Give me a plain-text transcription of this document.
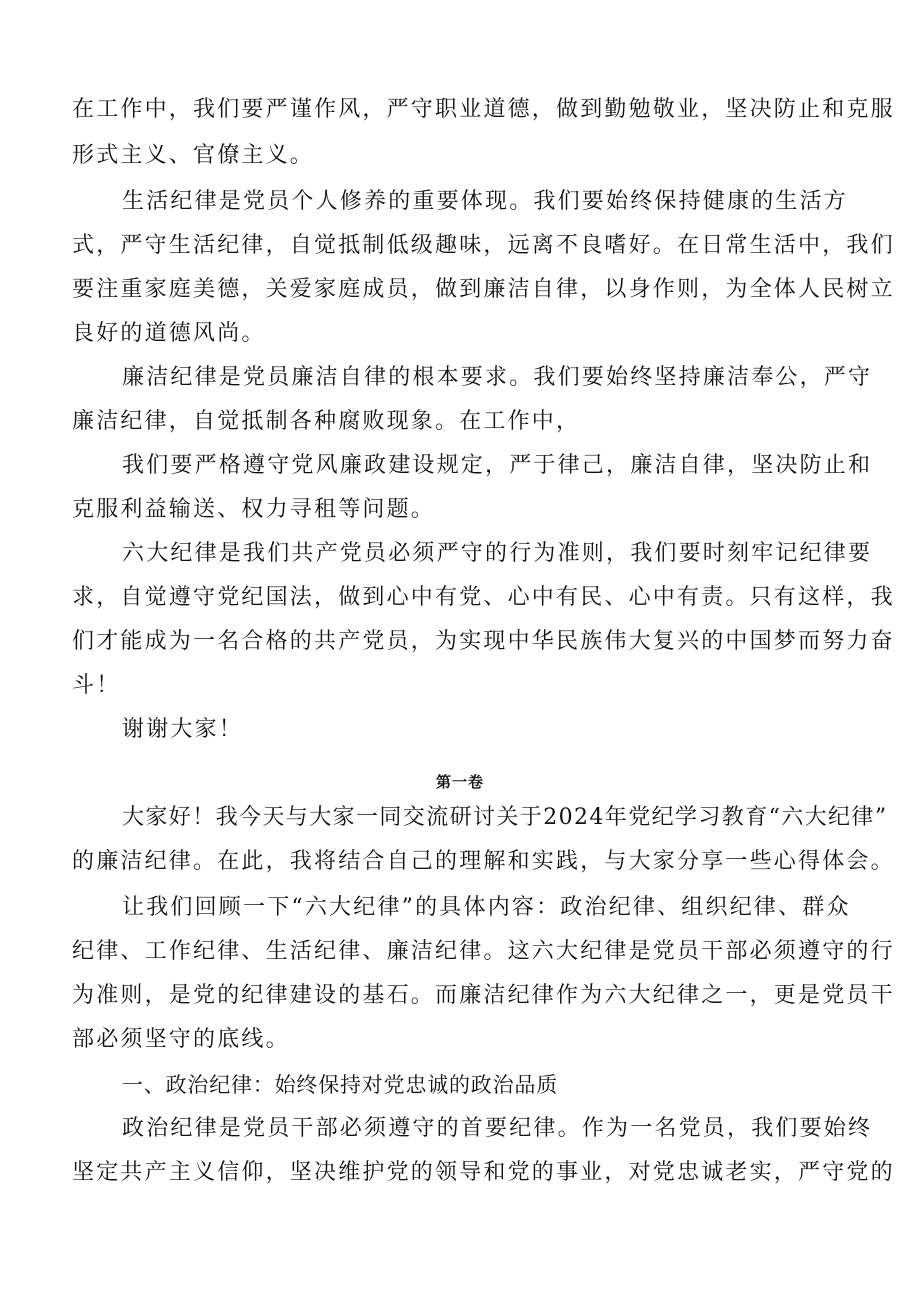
在工作中，我们要严谨作风，严守职业道德，做到勤勉敬业，坚决防止和克服
形式主义、官僚主义。
生活纪律是党员个人修养的重要体现。我们要始终保持健康的生活方
式，严守生活纪律，自觉抵制低级趣味，远离不良嗜好。在日常生活中，我们
要注重家庭美德，关爱家庭成员，做到廉洁自律，以身作则，为全体人民树立
良好的道德风尚。
廉洁纪律是党员廉洁自律的根本要求。我们要始终坚持廉洁奉公，严守
廉洁纪律，自觉抵制各种腐败现象。在工作中，
我们要严格遵守党风廉政建设规定，严于律己，廉洁自律，坚决防止和
克服利益输送、权力寻租等问题。
六大纪律是我们共产党员必须严守的行为准则，我们要时刻牢记纪律要
求，自觉遵守党纪国法，做到心中有党、心中有民、心中有责。只有这样，我
们才能成为一名合格的共产党员，为实现中华民族伟大复兴的中国梦而努力奋
斗！
谢谢大家！
第一卷
大家好！我今天与大家一同交流研讨关于2024年党纪学习教育“六大纪律”
的廉洁纪律。在此，我将结合自己的理解和实践，与大家分享一些心得体会。
让我们回顾一下“六大纪律”的具体内容：政治纪律、组织纪律、群众
纪律、工作纪律、生活纪律、廉洁纪律。这六大纪律是党员干部必须遵守的行
为准则，是党的纪律建设的基石。而廉洁纪律作为六大纪律之一，更是党员干
部必须坚守的底线。
一、政治纪律：始终保持对党忠诚的政治品质
政治纪律是党员干部必须遵守的首要纪律。作为一名党员，我们要始终
坚定共产主义信仰，坚决维护党的领导和党的事业，对党忠诚老实，严守党的
